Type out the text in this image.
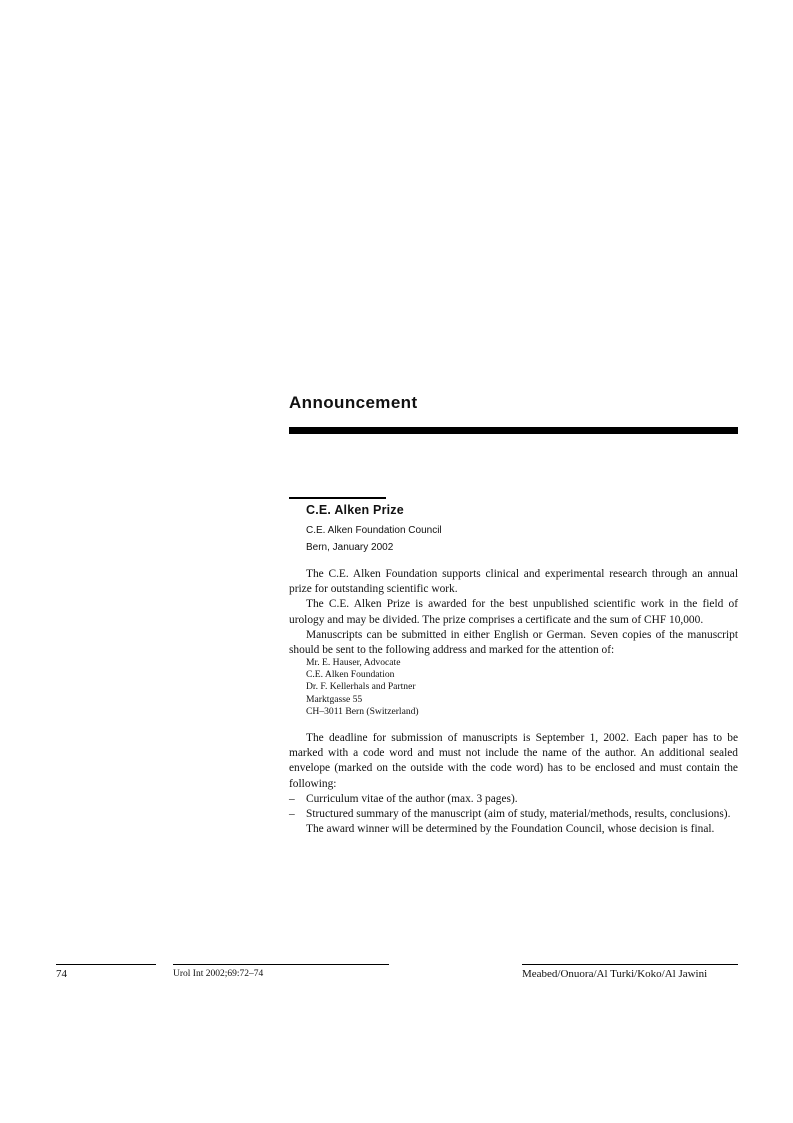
Announcement
C.E. Alken Prize
C.E. Alken Foundation Council
Bern, January 2002

The C.E. Alken Foundation supports clinical and experimental research through an annual prize for outstanding scientific work.

The C.E. Alken Prize is awarded for the best unpublished scientific work in the field of urology and may be divided. The prize comprises a certificate and the sum of CHF 10,000.

Manuscripts can be submitted in either English or German. Seven copies of the manuscript should be sent to the following address and marked for the attention of:

Mr. E. Hauser, Advocate
C.E. Alken Foundation
Dr. F. Kellerhals and Partner
Marktgasse 55
CH–3011 Bern (Switzerland)

The deadline for submission of manuscripts is September 1, 2002. Each paper has to be marked with a code word and must not include the name of the author. An additional sealed envelope (marked on the outside with the code word) has to be enclosed and must contain the following:

– Curriculum vitae of the author (max. 3 pages).

– Structured summary of the manuscript (aim of study, material/methods, results, conclusions).

The award winner will be determined by the Foundation Council, whose decision is final.

74	Urol Int 2002;69:72–74	Meabed/Onuora/Al Turki/Koko/Al Jawini
